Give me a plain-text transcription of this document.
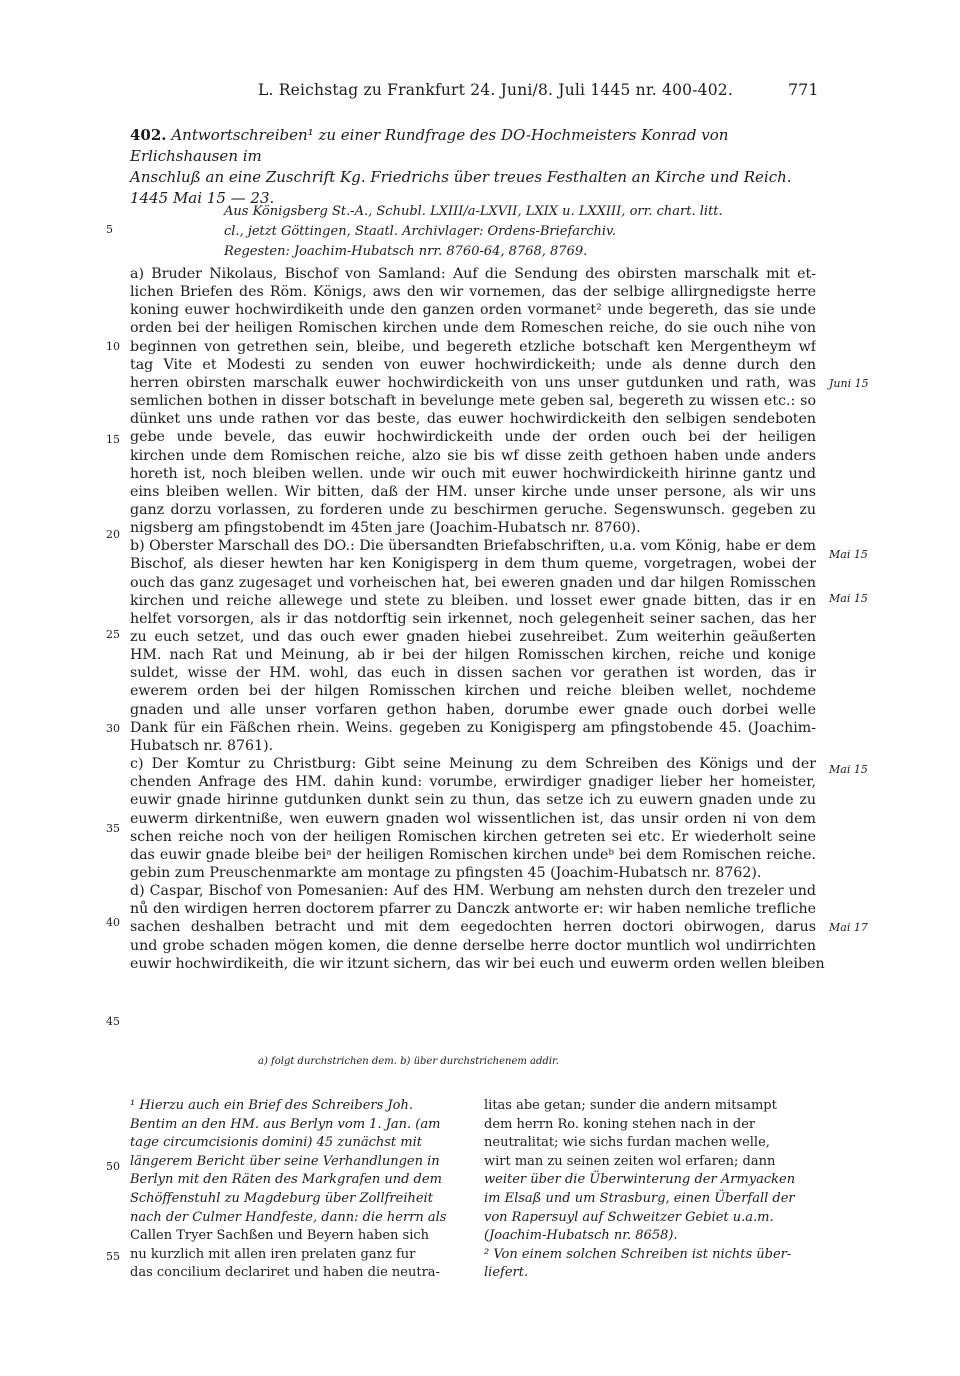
L. Reichstag zu Frankfurt 24. Juni/8. Juli 1445 nr. 400-402.	771
402. Antwortschreiben¹ zu einer Rundfrage des DO-Hochmeisters Konrad von Erlichshausen im
Anschluß an eine Zuschrift Kg. Friedrichs über treues Festhalten an Kirche und Reich.
1445 Mai 15 — 23.
Aus Königsberg St.-A., Schubl. LXIII/a-LXVII, LXIX u. LXXIII, orr. chart. litt.
cl., jetzt Göttingen, Staatl. Archivlager: Ordens-Briefarchiv.
Regesten: Joachim-Hubatsch nrr. 8760-64, 8768, 8769.
a) Bruder Nikolaus, Bischof von Samland: Auf die Sendung des obirsten marschalk mit et-
lichen Briefen des Röm. Königs, aws den wir vornemen, das der selbige allirgnedigste herre
koning euwer hochwirdikeith unde den ganzen orden vormanet² unde begereth, das sie unde
orden bei der heiligen Romischen kirchen unde dem Romeschen reiche, do sie ouch nihe von
beginnen von getrethen sein, bleibe, und begereth etzliche botschaft ken Mergentheym wf
tag Vite et Modesti zu senden von euwer hochwirdickeith; unde als denne durch den
herren obirsten marschalk euwer hochwirdickeith von uns unser gutdunken und rath, was
semlichen bothen in disser botschaft in bevelunge mete geben sal, begereth zu wissen etc.: so
dünket uns unde rathen vor das beste, das euwer hochwirdickeith den selbigen sendeboten
gebe unde bevele, das euwir hochwirdickeith unde der orden ouch bei der heiligen
kirchen unde dem Romischen reiche, alzo sie bis wf disse zeith gethoen haben unde anders
horeth ist, noch bleiben wellen. unde wir ouch mit euwer hochwirdickeith hirinne gantz und
eins bleiben wellen. Wir bitten, daß der HM. unser kirche unde unser persone, als wir uns
ganz dorzu vorlassen, zu forderen unde zu beschirmen geruche. Segenswunsch. gegeben zu
nigsberg am pfingstobendt im 45ten jare (Joachim-Hubatsch nr. 8760).
b) Oberster Marschall des DO.: Die übersandten Briefabschriften, u.a. vom König, habe er dem
Bischof, als dieser hewten har ken Konigisperg in dem thum queme, vorgetragen, wobei der
ouch das ganz zugesaget und vorheischen hat, bei eweren gnaden und dar hilgen Romisschen
kirchen und reiche allewege und stete zu bleiben. und losset ewer gnade bitten, das ir en
helfet vorsorgen, als ir das notdorftig sein irkennet, noch gelegenheit seiner sachen, das her
zu euch setzet, und das ouch ewer gnaden hiebei zusehreibet. Zum weiterhin geäußerten
HM. nach Rat und Meinung, ab ir bei der hilgen Romisschen kirchen, reiche und konige
suldet, wisse der HM. wohl, das euch in dissen sachen vor gerathen ist worden, das ir
ewerem orden bei der hilgen Romisschen kirchen und reiche bleiben wellet, nochdeme
gnaden und alle unser vorfaren gethon haben, dorumbe ewer gnade ouch dorbei welle
Dank für ein Fäßchen rhein. Weins. gegeben zu Konigisperg am pfingstobende 45. (Joachim-
Hubatsch nr. 8761).
c) Der Komtur zu Christburg: Gibt seine Meinung zu dem Schreiben des Königs und der
chenden Anfrage des HM. dahin kund: vorumbe, erwirdiger gnadiger lieber her homeister,
euwir gnade hirinne gutdunken dunkt sein zu thun, das setze ich zu euwern gnaden unde zu
euwerm dirkentniße, wen euwern gnaden wol wissentlichen ist, das unsir orden ni von dem
schen reiche noch von der heiligen Romischen kirchen getreten sei etc. Er wiederholt seine
das euwir gnade bleibe beiᵃ der heiligen Romischen kirchen undeᵇ bei dem Romischen reiche.
gebin zum Preuschenmarkte am montage zu pfingsten 45 (Joachim-Hubatsch nr. 8762).
d) Caspar, Bischof von Pomesanien: Auf des HM. Werbung am nehsten durch den trezeler und
nů den wirdigen herren doctorem pfarrer zu Danczk antworte er: wir haben nemliche trefliche
sachen deshalben betracht und mit dem eegedochten herren doctori obirwogen, darus
und grobe schaden mögen komen, die denne derselbe herre doctor muntlich wol undirrichten
euwir hochwirdikeith, die wir itzunt sichern, das wir bei euch und euwerm orden wellen bleiben
5
10
15
20
25
30
35
40
45
50
55
Juni 15
Mai 15
Mai 15
Mai 15
Mai 17
a) folgt durchstrichen dem. b) über durchstrichenem addir.
¹ Hierzu auch ein Brief des Schreibers Joh.
Bentim an den HM. aus Berlyn vom 1. Jan. (am
tage circumcisionis domini) 45 zunächst mit
längerem Bericht über seine Verhandlungen in
Berlyn mit den Räten des Markgrafen und dem
Schöffenstuhl zu Magdeburg über Zollfreiheit
nach der Culmer Handfeste, dann: die herrn als
Callen Tryer Sachßen und Beyern haben sich
nu kurzlich mit allen iren prelaten ganz fur
das concilium declariret und haben die neutra-
litas abe getan; sunder die andern mitsampt
dem herrn Ro. koning stehen nach in der
neutralitat; wie sichs furdan machen welle,
wirt man zu seinen zeiten wol erfaren; dann
weiter über die Überwinterung der Armyacken
im Elsaß und um Strasburg, einen Überfall der
von Rapersuyl auf Schweitzer Gebiet u.a.m.
(Joachim-Hubatsch nr. 8658).
² Von einem solchen Schreiben ist nichts über-
liefert.
